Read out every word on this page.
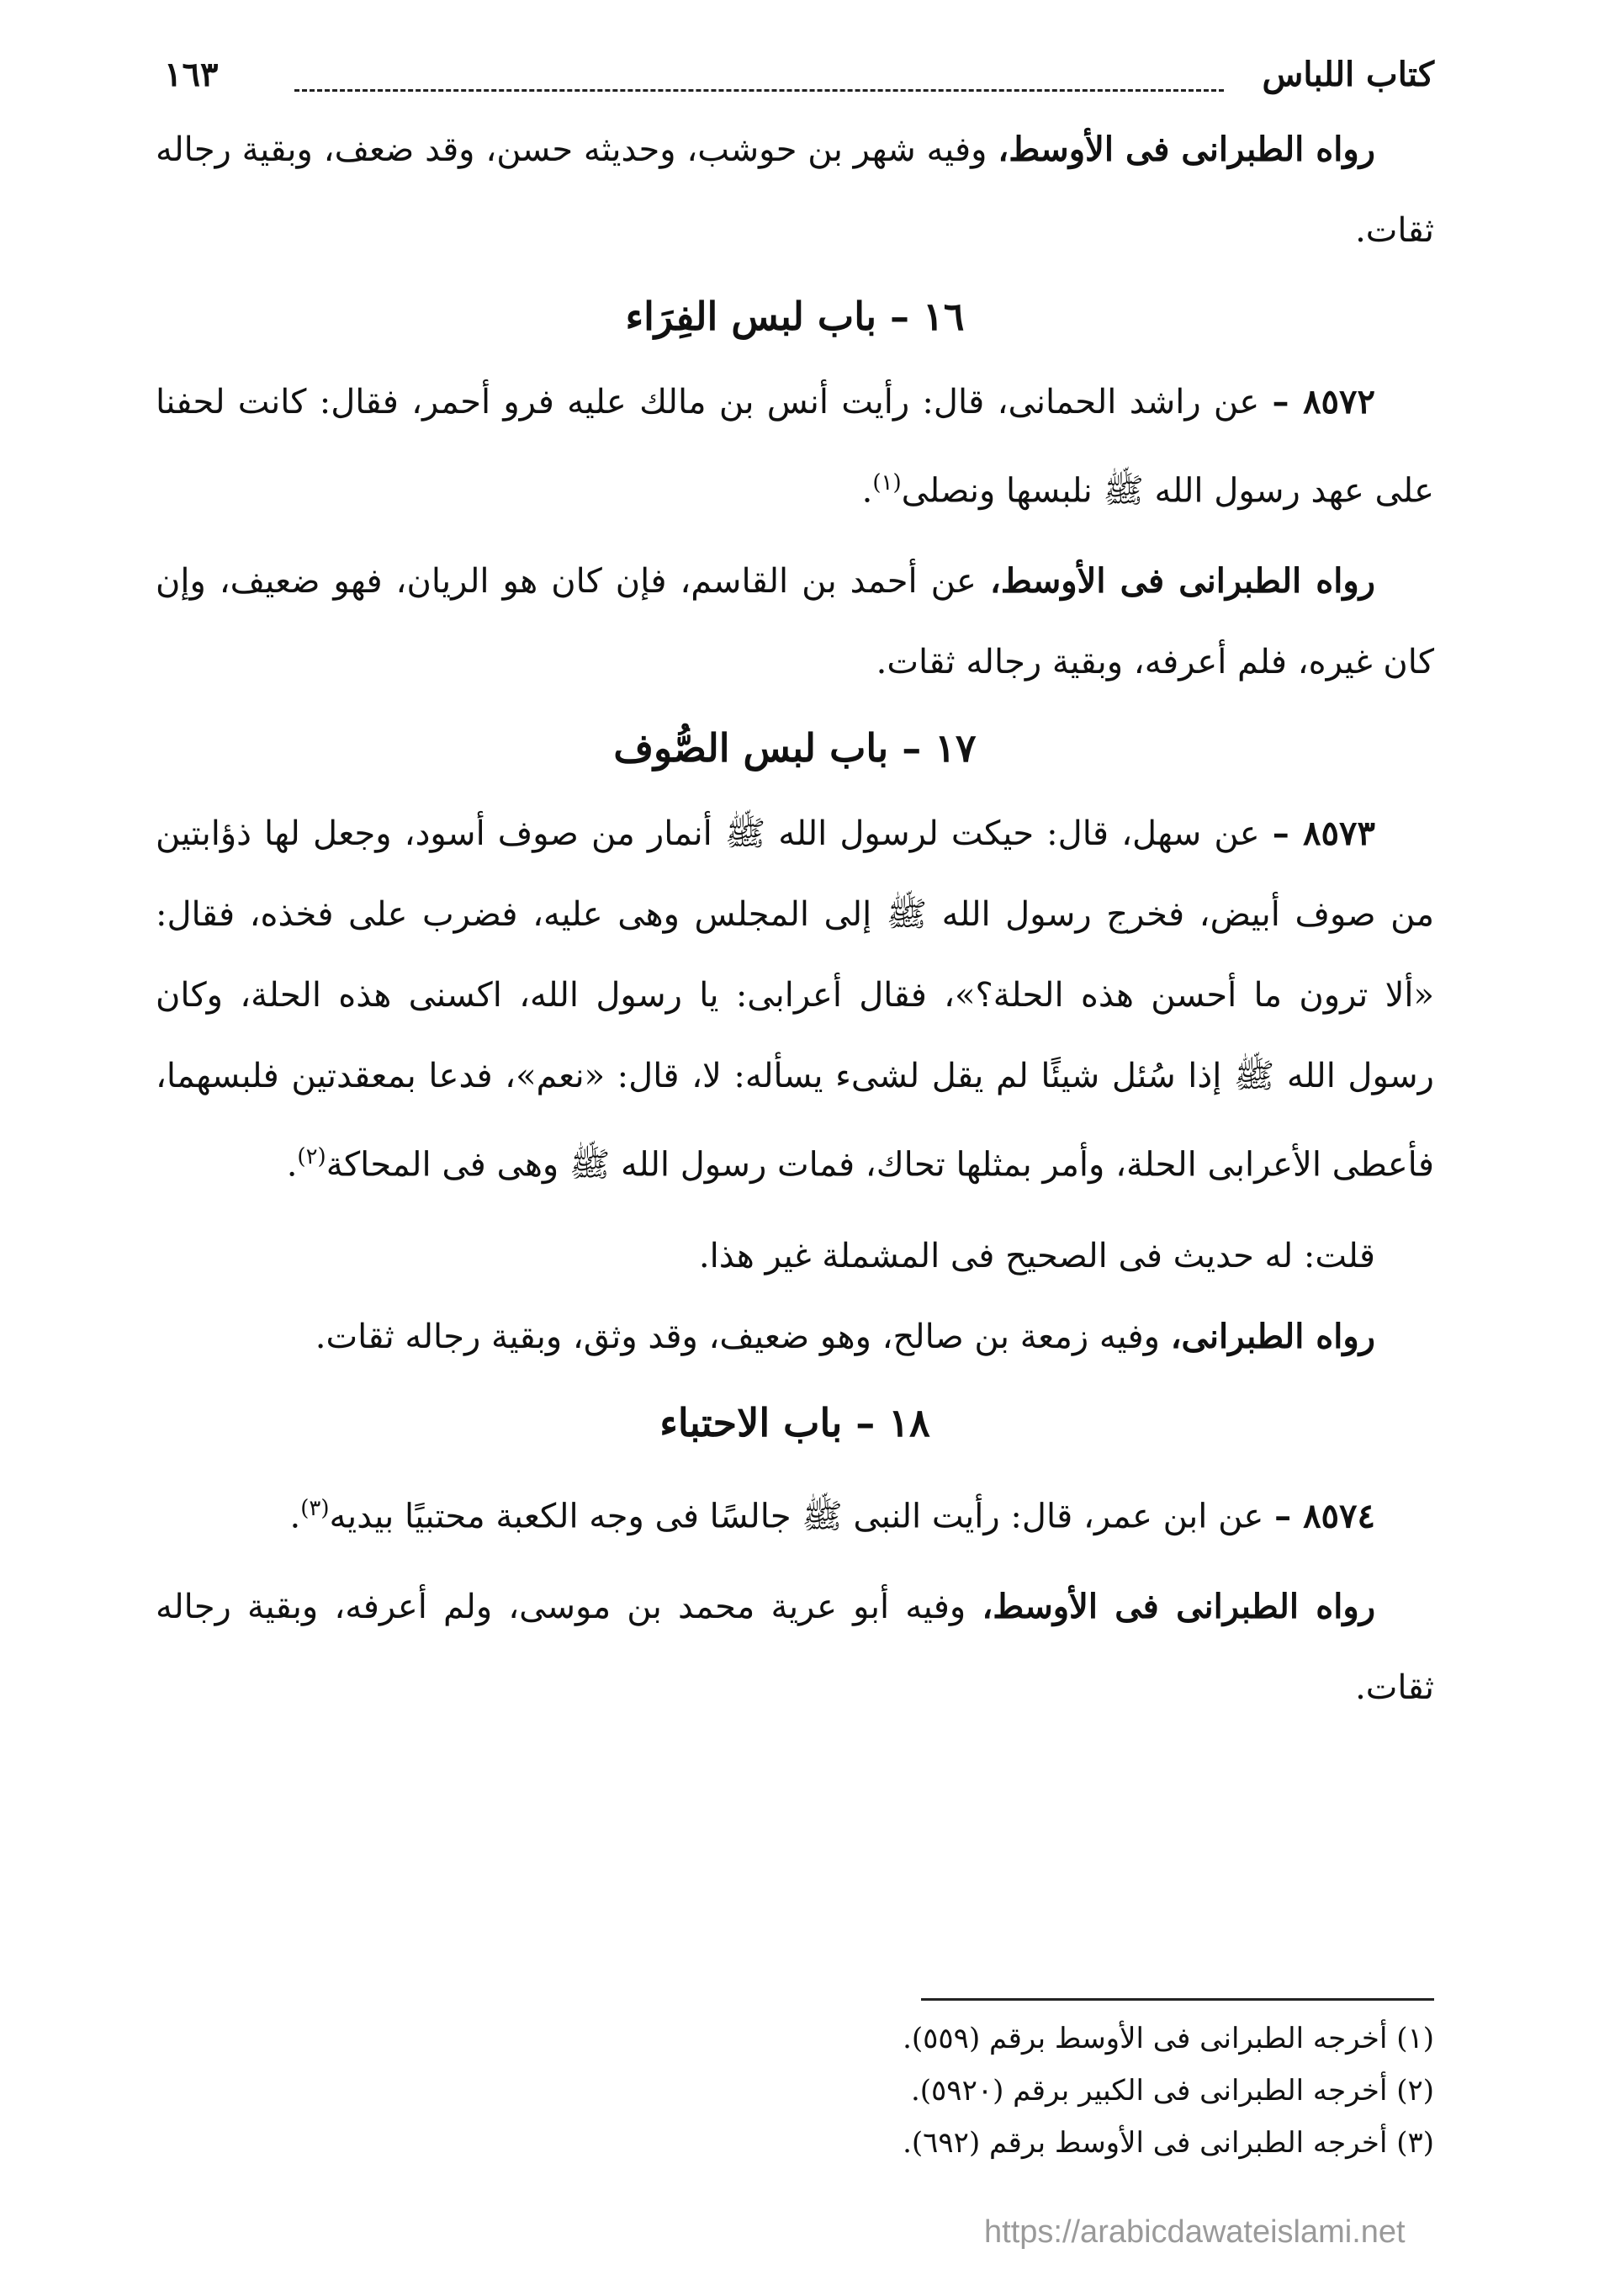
كتاب اللباس
١٦٣

رواه الطبرانى فى الأوسط، وفيه شهر بن حوشب، وحديثه حسن، وقد ضعف، وبقية رجاله ثقات.

١٦ – باب لبس الفِرَاء

٨٥٧٢ – عن راشد الحمانى، قال: رأيت أنس بن مالك عليه فرو أحمر، فقال: كانت لحفنا على عهد رسول الله ﷺ نلبسها ونصلى$^{(١)}$.

رواه الطبرانى فى الأوسط، عن أحمد بن القاسم، فإن كان هو الريان، فهو ضعيف، وإن كان غيره، فلم أعرفه، وبقية رجاله ثقات.

١٧ – باب لبس الصُّوف

٨٥٧٣ – عن سهل، قال: حيكت لرسول الله ﷺ أنمار من صوف أسود، وجعل لها ذؤابتين من صوف أبيض، فخرج رسول الله ﷺ إلى المجلس وهى عليه، فضرب على فخذه، فقال: «ألا ترون ما أحسن هذه الحلة؟»، فقال أعرابى: يا رسول الله، اكسنى هذه الحلة، وكان رسول الله ﷺ إذا سُئل شيئًا لم يقل لشىء يسأله: لا، قال: «نعم»، فدعا بمعقدتين فلبسهما، فأعطى الأعرابى الحلة، وأمر بمثلها تحاك، فمات رسول الله ﷺ وهى فى المحاكة$^{(٢)}$.

قلت: له حديث فى الصحيح فى المشملة غير هذا.

رواه الطبرانى، وفيه زمعة بن صالح، وهو ضعيف، وقد وثق، وبقية رجاله ثقات.

١٨ – باب الاحتباء

٨٥٧٤ – عن ابن عمر، قال: رأيت النبى ﷺ جالسًا فى وجه الكعبة محتبيًا بيديه$^{(٣)}$.

رواه الطبرانى فى الأوسط، وفيه أبو عرية محمد بن موسى، ولم أعرفه، وبقية رجاله ثقات.

(١) أخرجه الطبرانى فى الأوسط برقم (٥٥٩).

(٢) أخرجه الطبرانى فى الكبير برقم (٥٩٢٠).

(٣) أخرجه الطبرانى فى الأوسط برقم (٦٩٢).

https://arabicdawateislami.net
